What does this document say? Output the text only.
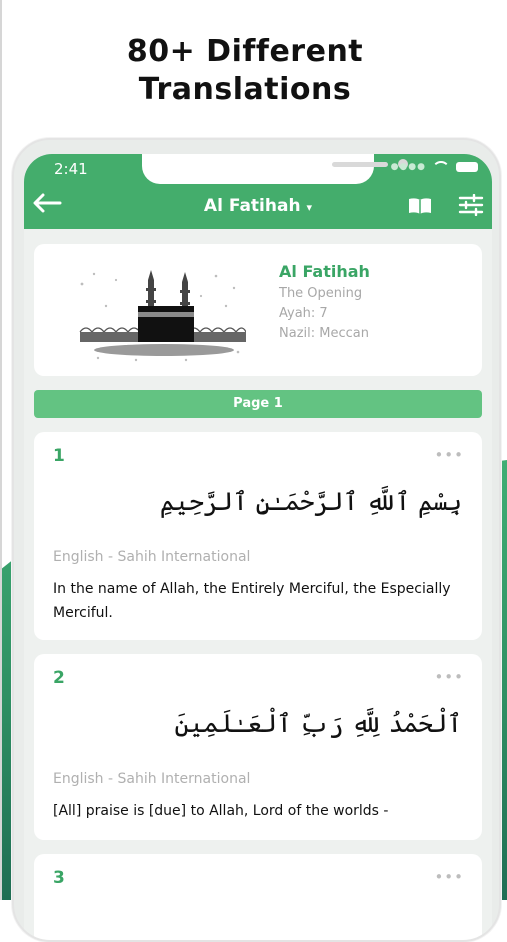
80+ Different
Translations
2:41	●●●●
Al Fatihah ▾
Al Fatihah
The Opening
Ayah: 7
Nazil: Meccan
Page 1
1	•••
بِسْمِ ٱللَّهِ ٱلرَّحْمَـٰنِ ٱلرَّحِيمِ
English - Sahih International
In the name of Allah, the Entirely Merciful, the Especially Merciful.
2	•••
ٱلْحَمْدُ لِلَّهِ رَبِّ ٱلْعَـٰلَمِينَ
English - Sahih International
[All] praise is [due] to Allah, Lord of the worlds -
3	•••
